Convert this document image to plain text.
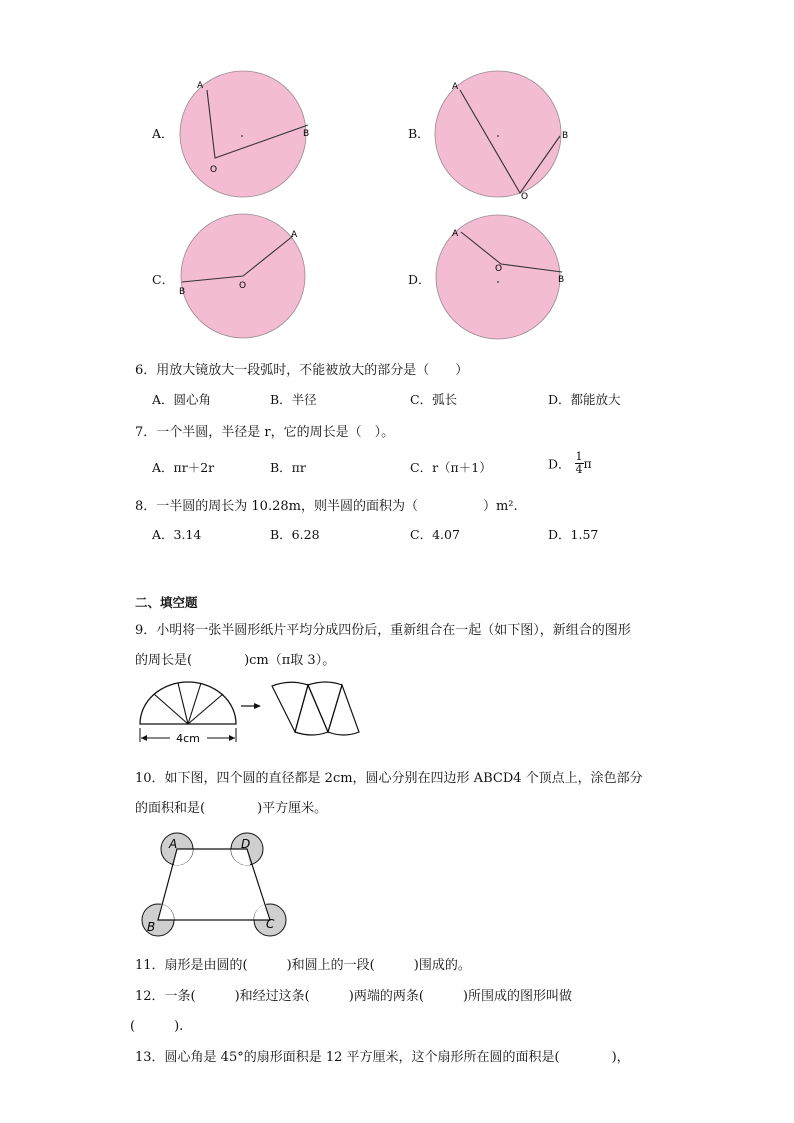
A．	B．
C．	D．
A
B
O
A
B
O
A
B
O
A
B
O
6．用放大镜放大一段弧时，不能被放大的部分是（　　）
A．圆心角	B．半径	C．弧长	D．都能放大
7．一个半圆，半径是 r，它的周长是（　）。
A．πr＋2r	B．πr	C．r（π＋1）	D． $\frac{1}{4}$ π
8．一半圆的周长为 10.28m，则半圆的面积为（　　　　　）m².
A．3.14	B．6.28	C．4.07	D．1.57
二、填空题
9．小明将一张半圆形纸片平均分成四份后，重新组合在一起（如下图），新组合的图形
的周长是(　　　　)cm（π取 3）。
4cm
10．如下图，四个圆的直径都是 2cm，圆心分别在四边形 ABCD4 个顶点上，涂色部分
的面积和是(　　　　)平方厘米。
A	D
B	C
11．扇形是由圆的(　　　)和圆上的一段(　　　)围成的。
12．一条(　　　)和经过这条(　　　)两端的两条(　　　)所围成的图形叫做
(　　　).
13．圆心角是 45°的扇形面积是 12 平方厘米，这个扇形所在圆的面积是(　　　　)，
